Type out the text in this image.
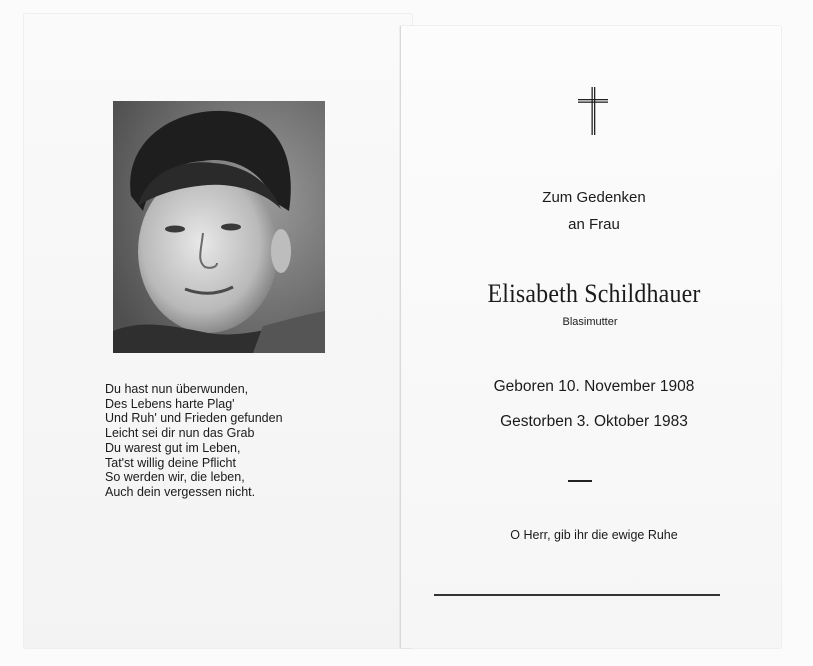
Du hast nun überwunden,
Des Lebens harte Plag'
Und Ruh' und Frieden gefunden
Leicht sei dir nun das Grab
Du warest gut im Leben,
Tat'st willig deine Pflicht
So werden wir, die leben,
Auch dein vergessen nicht.
Zum Gedenken
an Frau
Elisabeth Schildhauer
Blasimutter
Geboren 10. November 1908
Gestorben 3. Oktober 1983
O Herr, gib ihr die ewige Ruhe
